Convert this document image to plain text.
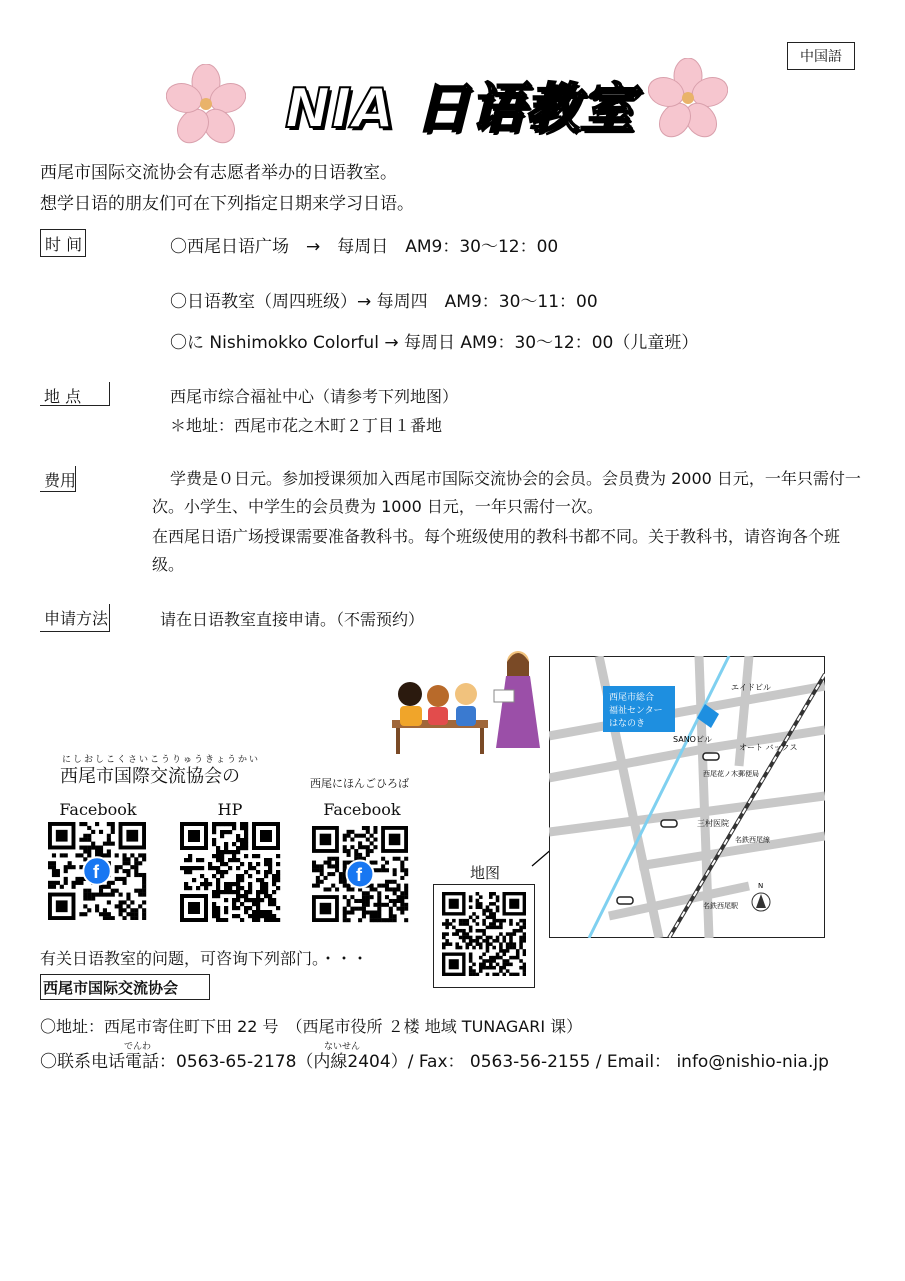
中国語
NIA 日语教室
西尾市国际交流协会有志愿者举办的日语教室。
想学日语的朋友们可在下列指定日期来学习日语。
时 间	〇西尾日语广场　→　每周日　AM9：30～12：00
〇日语教室（周四班级）→ 每周四　AM9：30～11：00
〇に Nishimokko Colorful → 每周日 AM9：30～12：00（儿童班）
地 点	西尾市综合福祉中心（请参考下列地图）
＊地址：西尾市花之木町２丁目１番地
费用	学费是０日元。参加授课须加入西尾市国际交流协会的会员。会员费为 2000 日元，一年只需付一次。小学生、中学生的会员费为 1000 日元，一年只需付一次。
在西尾日语广场授课需要准备教科书。每个班级使用的教科书都不同。关于教科书，请咨询各个班级。
申请方法	请在日语教室直接申请。（不需预约）
にしおしこくさいこうりゅうきょうかい
西尾市国際交流協会の	西尾にほんごひろば
Facebook	HP	Facebook
f	f	地图
西尾市総合
福祉センター
はなのき
エイドビル
SANOビル
オート バックス
西尾花ノ木郵便局
三村医院
名鉄西尾線
名鉄西尾駅
N
有关日语教室的问题，可咨询下列部门。・・・
西尾市国际交流协会
〇地址：西尾市寄住町下田 22 号　（西尾市役所 ２楼 地域 TUNAGARI 课）
でんわ	ないせん
〇联系电话電話：0563-65-2178（内線2404）/ Fax： 0563-56-2155 / Email： info@nishio-nia.jp
